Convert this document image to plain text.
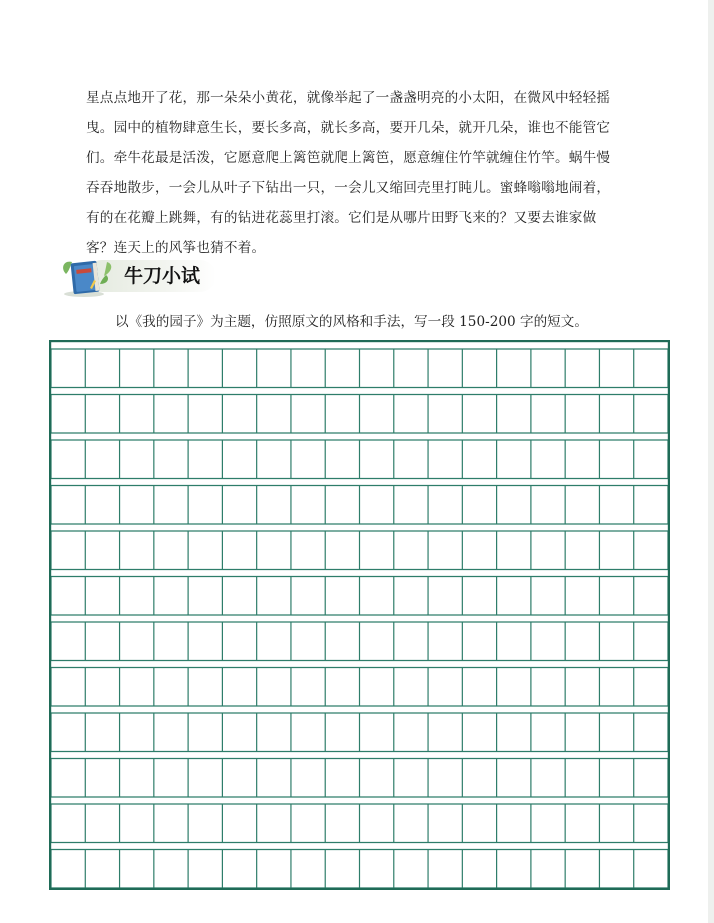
星点点地开了花，那一朵朵小黄花，就像举起了一盏盏明亮的小太阳，在微风中轻轻摇
曳。园中的植物肆意生长，要长多高，就长多高，要开几朵，就开几朵，谁也不能管它
们。牵牛花最是活泼，它愿意爬上篱笆就爬上篱笆，愿意缠住竹竿就缠住竹竿。蜗牛慢
吞吞地散步，一会儿从叶子下钻出一只，一会儿又缩回壳里打盹儿。蜜蜂嗡嗡地闹着，
有的在花瓣上跳舞，有的钻进花蕊里打滚。它们是从哪片田野飞来的？又要去谁家做
客？连天上的风筝也猜不着。
牛刀小试
以《我的园子》为主题，仿照原文的风格和手法，写一段 150-200 字的短文。
